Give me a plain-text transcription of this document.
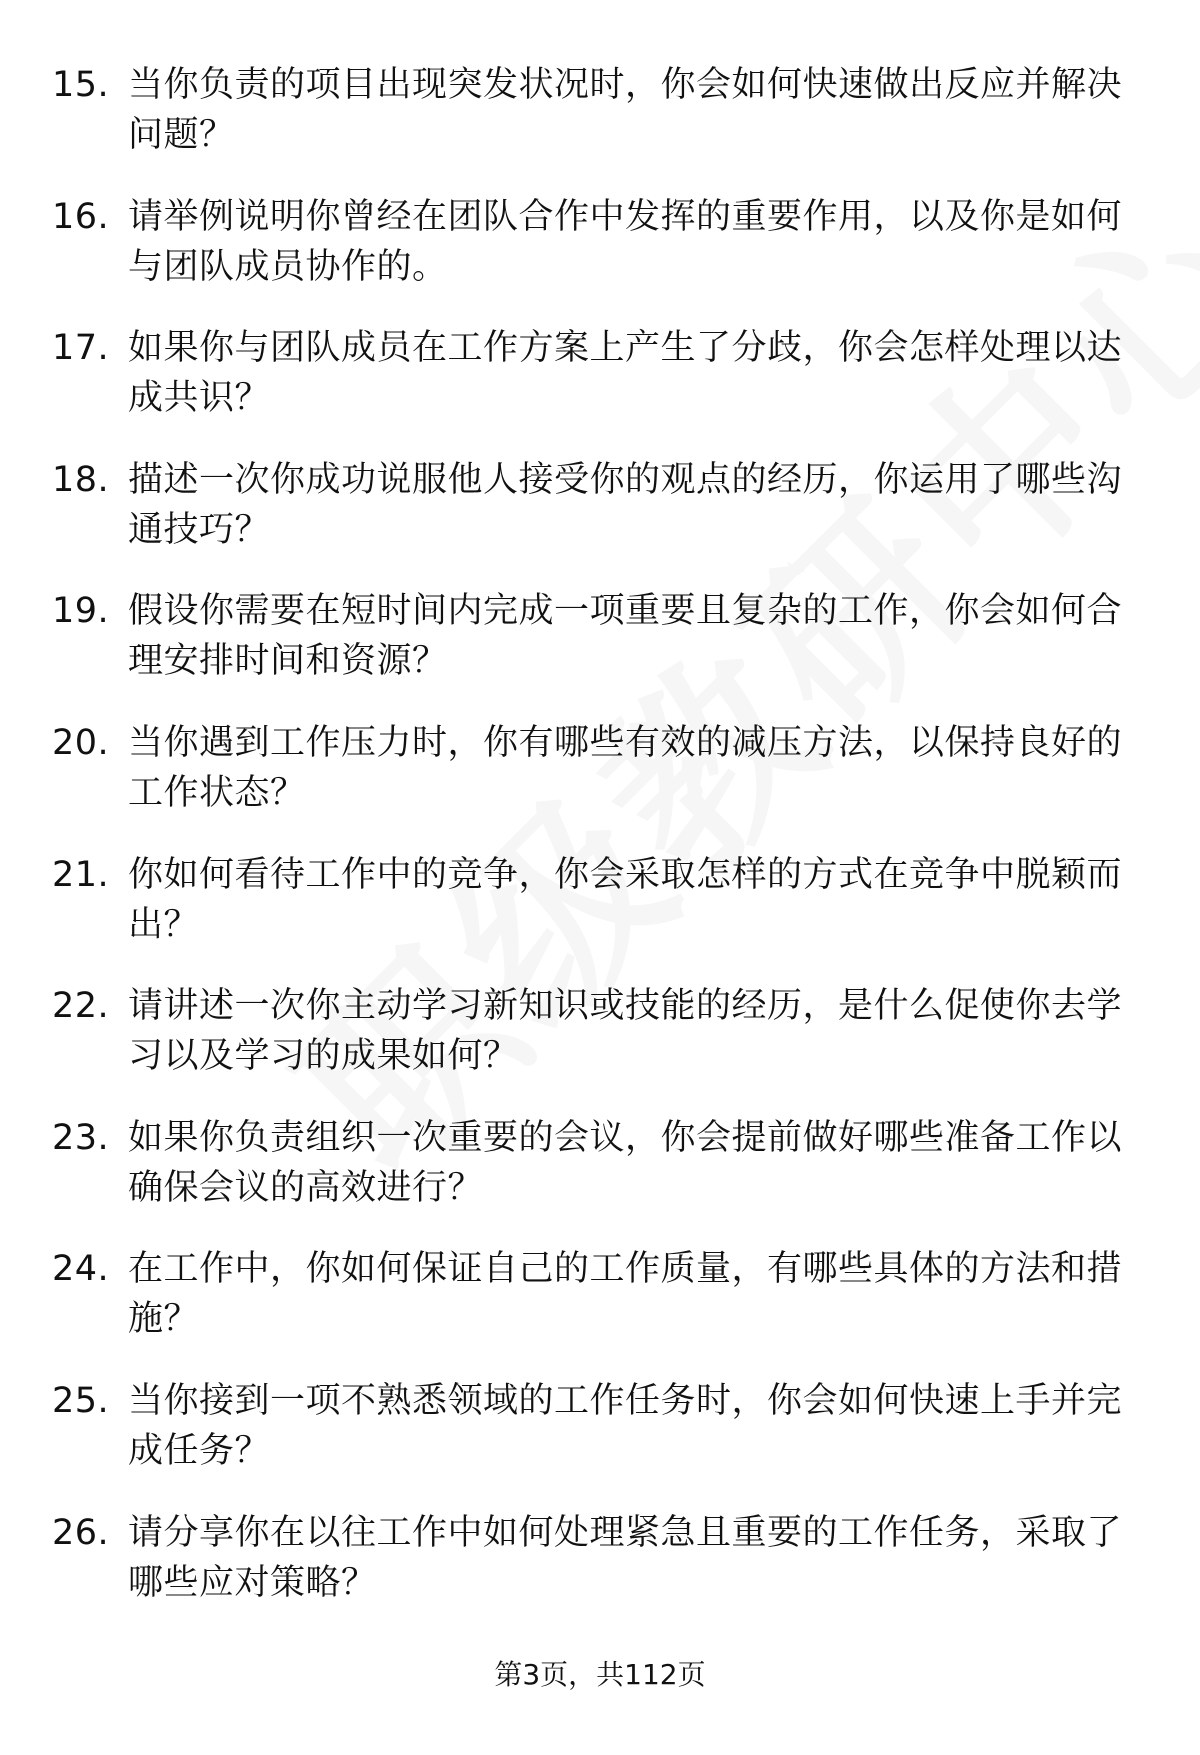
15. 当你负责的项目出现突发状况时，你会如何快速做出反应并解决问题？
16. 请举例说明你曾经在团队合作中发挥的重要作用，以及你是如何与团队成员协作的。
17. 如果你与团队成员在工作方案上产生了分歧，你会怎样处理以达成共识？
18. 描述一次你成功说服他人接受你的观点的经历，你运用了哪些沟通技巧？
19. 假设你需要在短时间内完成一项重要且复杂的工作，你会如何合理安排时间和资源？
20. 当你遇到工作压力时，你有哪些有效的减压方法，以保持良好的工作状态？
21. 你如何看待工作中的竞争，你会采取怎样的方式在竞争中脱颖而出？
22. 请讲述一次你主动学习新知识或技能的经历，是什么促使你去学习以及学习的成果如何？
23. 如果你负责组织一次重要的会议，你会提前做好哪些准备工作以确保会议的高效进行？
24. 在工作中，你如何保证自己的工作质量，有哪些具体的方法和措施？
25. 当你接到一项不熟悉领域的工作任务时，你会如何快速上手并完成任务？
26. 请分享你在以往工作中如何处理紧急且重要的工作任务，采取了哪些应对策略？
第3页，共112页
